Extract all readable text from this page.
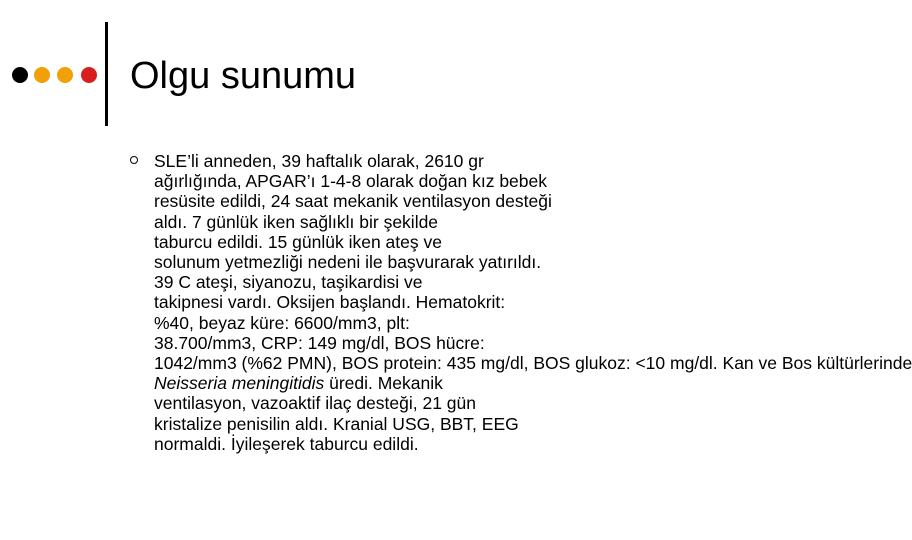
Olgu sunumu
SLE’li anneden, 39 haftalık olarak, 2610 gr
ağırlığında, APGAR’ı 1-4-8 olarak doğan kız bebek
resüsite edildi, 24 saat mekanik ventilasyon desteği
aldı. 7 günlük iken sağlıklı bir şekilde
taburcu edildi. 15 günlük iken ateş ve
solunum yetmezliği nedeni ile başvurarak yatırıldı.
39 C ateşi, siyanozu, taşikardisi ve
takipnesi vardı. Oksijen başlandı. Hematokrit:
%40, beyaz küre: 6600/mm3, plt:
38.700/mm3, CRP: 149 mg/dl, BOS hücre:
1042/mm3 (%62 PMN), BOS protein: 435 mg/dl, BOS glukoz: <10 mg/dl. Kan ve Bos kültürlerinde Neisseria meningitidis üredi. Mekanik
ventilasyon, vazoaktif ilaç desteği, 21 gün
kristalize penisilin aldı. Kranial USG, BBT, EEG
normaldi. İyileşerek taburcu edildi.
